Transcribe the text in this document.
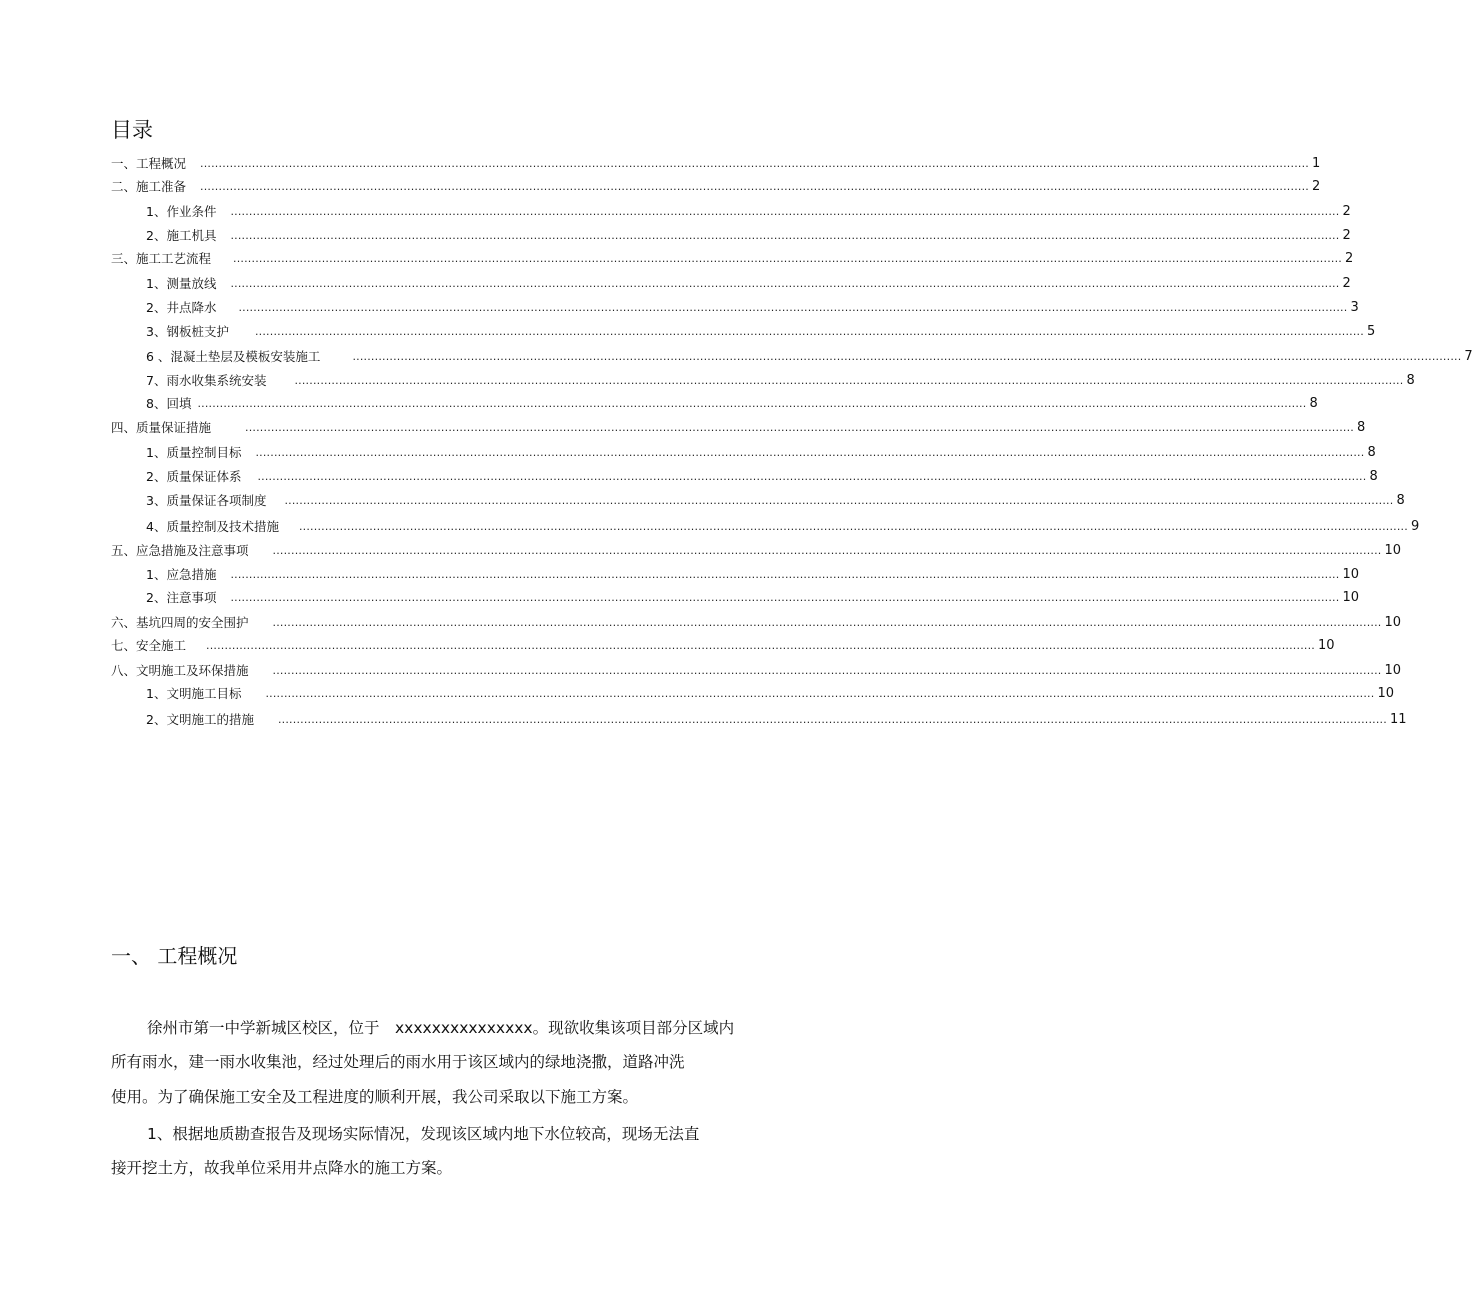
目录
一、工程概况 ............................................................................................................................................................................................................................................................................................................ 1
二、施工准备 ............................................................................................................................................................................................................................................................................................................ 2
1、作业条件 ............................................................................................................................................................................................................................................................................................................ 2
2、施工机具 ............................................................................................................................................................................................................................................................................................................ 2
三、施工工艺流程 ............................................................................................................................................................................................................................................................................................................ 2
1、测量放线 ............................................................................................................................................................................................................................................................................................................ 2
2、井点降水 ............................................................................................................................................................................................................................................................................................................ 3
3、钢板桩支护 ............................................................................................................................................................................................................................................................................................................ 5
6 、混凝土垫层及模板安装施工	............................................................................................................................................................................................................................................................................................................ 7
7、雨水收集系统安装	............................................................................................................................................................................................................................................................................................................ 8
8、回填 ............................................................................................................................................................................................................................................................................................................ 8
四、质量保证措施	............................................................................................................................................................................................................................................................................................................ 8
1、质量控制目标 ............................................................................................................................................................................................................................................................................................................ 8
2、质量保证体系 ............................................................................................................................................................................................................................................................................................................ 8
3、质量保证各项制度 ............................................................................................................................................................................................................................................................................................................ 8
4、质量控制及技术措施 ............................................................................................................................................................................................................................................................................................................ 9
五、应急措施及注意事项 ............................................................................................................................................................................................................................................................................................................ 10
1、应急措施 ............................................................................................................................................................................................................................................................................................................ 10
2、注意事项 ............................................................................................................................................................................................................................................................................................................ 10
六、基坑四周的安全围护 ............................................................................................................................................................................................................................................................................................................ 10
七、安全施工 ............................................................................................................................................................................................................................................................................................................ 10
八、文明施工及环保措施 ............................................................................................................................................................................................................................................................................................................ 10
1、文明施工目标 ............................................................................................................................................................................................................................................................................................................ 10
2、文明施工的措施 ............................................................................................................................................................................................................................................................................................................ 11
一、 工程概况
徐州市第一中学新城区校区，位于　xxxxxxxxxxxxxxx。现欲收集该项目部分区域内
所有雨水，建一雨水收集池，经过处理后的雨水用于该区域内的绿地浇撒，道路冲洗
使用。为了确保施工安全及工程进度的顺利开展，我公司采取以下施工方案。
1、根据地质勘查报告及现场实际情况，发现该区域内地下水位较高，现场无法直
接开挖土方，故我单位采用井点降水的施工方案。
